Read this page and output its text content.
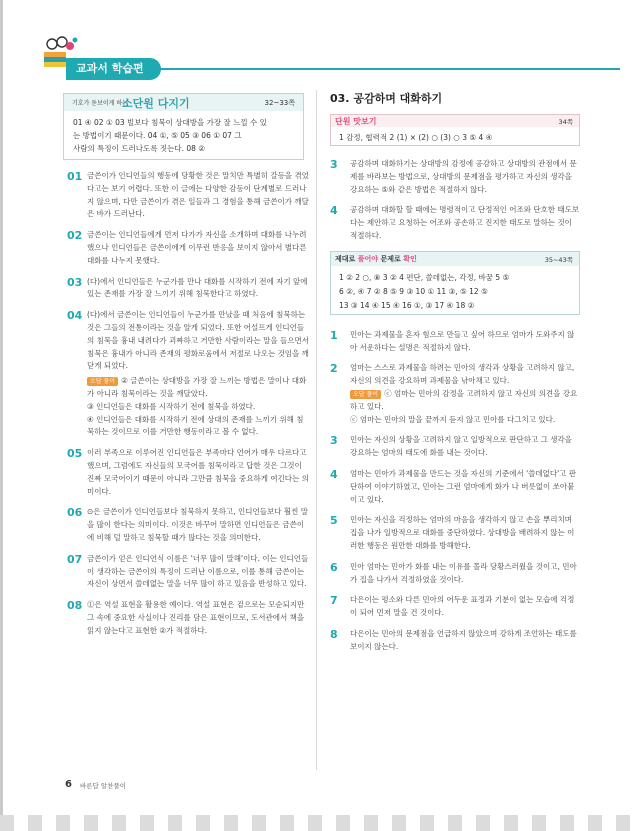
교과서 학습편
기호가 돋보이게 하는
소단원 다지기	32~33쪽
01 ④ 02 ① 03 빌보다 침묵이 상대방을 가장 잘 느낄 수 있
는 방법이기 때문이다. 04 ①, ⑤ 05 ③ 06 ① 07 그
사람의 특징이 드러나도록 짓는다. 08 ②
01 금쓴이가 인디언들의 행동에 당황한 것은 말치만 특별히 갈등을 겪었다고는 보기 어렵다. 또한 이 글에는 다양한 감동이 단계별로 드러나지 않으며, 다만 금쓴이가 겪은 일들과 그 경험을 통해 금쓴이가 깨달은 바가 드러난다.
02 금쓴이는 인디언들에게 먼저 다가가 자신을 소개하며 대화를 나누려 했으나 인디언들은 금쓴이에게 이무런 반응을 보이지 않아서 별다른 대화를 나누지 못했다.
03 (다)에서 인디언들은 누군가를 만나 대화를 시작하기 전에 자기 앞에 있는 존재를 가장 잘 느끼기 위해 침묵한다고 하였다.
04 (다)에서 금쓴이는 인디언들이 누군가를 만났을 때 처음에 침묵하는 것은 그들의 전통이라는 것을 알게 되었다. 또한 어설프게 인디언들의 침묵을 흉내 내려다가 괴짜하고 거만한 사람이라는 말을 들으면서 침묵은 흉내가 아니라 존재의 평화로움에서 저절로 나오는 것임을 깨닫게 되었다.
오답 풀이 ② 글쓴이는 상대방을 가장 잘 느끼는 방법은 말이나 대화가 아니라 침묵이라는 것을 깨달았다.
③ 인디언들은 대화를 시작하기 전에 침묵을 하였다.
④ 인디언들은 대화를 시작하기 전에 상대의 존재를 느끼기 위해 침묵하는 것이므로 이를 거만한 행동이라고 볼 수 없다.
05 이러 부족으로 이루어진 인디언들은 부족마다 언어가 매우 다르다고 했으며, 그럼에도 자신들의 모국어를 침묵이라고 답한 것은 그것이 진짜 모국어이기 때문이 아니라 그만큼 침묵을 중요하게 여긴다는 의미이다.
06 ⊙은 금쓴이가 인디언들보다 침묵하지 못하고, 인디언들보다 훨씬 말을 많이 한다는 의미이다. 이것은 바꾸어 말하면 인디언들은 금쓴이에 비해 덜 말하고 침묵할 때가 많다는 것을 의미한다.
07 금쓴이가 얻은 인디언식 이름은 '너무 많이 말해'이다. 이는 인디언들이 생각하는 금쓴이의 특징이 드러난 이름으로, 이를 통해 금쓴이는 자신이 상면서 쓸데없는 말을 너무 많이 하고 있음을 반성하고 있다.
08 ⓵은 역설 표현을 활용한 예이다. 역설 표현은 겉으로는 모순되지만 그 속에 중요한 사실이나 진리를 담은 표현이므로, 도서관에서 책을 읽지 않는다고 표현한 ②가 적절하다.
03. 공감하며 대화하기
단원 맛보기	34쪽
1 감정, 협력적 2 (1) × (2) ○ (3) ○ 3 ⑤ 4 ④
3 공감하며 대화하기는 상대방의 감정에 공감하고 상대방의 관점에서 문제를 바라보는 방법으로, 상대방의 문제점을 평가하고 자신의 생각을 강요하는 ⑤와 같은 방법은 적절하지 않다.
4 공감하며 대화할 할 때에는 명령적이고 단정적인 어조와 단호한 태도보다는 제안하고 요청하는 어조와 공손하고 진지한 태도로 말하는 것이 적절하다.
제대로 풀어야 문제로 확인	35~43쪽
1 ② 2 ○, ⑧ 3 ② 4 편단, 쓸데없는, 각정, 바꿈 5 ⑤
6 ②, ④ 7 ② 8 ⑤ 9 ③ 10 ① 11 ③, ⑤ 12 ⑤
13 ③ 14 ④ 15 ④ 16 ①, ③ 17 ④ 18 ②
1 민아는 과제물을 혼자 힘으로 만들고 싶어 하므로 엄마가 도와주지 않아 서운하다는 설명은 적절하지 않다.
2 엄마는 스스로 과제물을 하려는 민아의 생각과 상황을 고려하지 않고, 자신의 의견을 강요하며 과제물을 낚아채고 있다.
오답 풀이 ⓒ 엄마는 민아의 감정을 고려하지 않고 자신의 의견을 강요하고 있다.
ⓒ 엄마는 민아의 말을 끝까지 듣지 않고 민아를 다그치고 있다.
3 민아는 자신의 상황을 고려하지 않고 일방적으로 판단하고 그 생각을 강요하는 엄마의 태도에 화를 내는 것이다.
4 엄마는 민아가 과제물을 만드는 것을 자신의 기준에서 '쓸데없다'고 판단하여 이야기하였고, 민아는 그런 엄마에게 화가 나 버릇없이 쏘아붙이고 있다.
5 민아는 자신을 걱정하는 엄마의 마음을 생각하지 않고 손을 뿌리치며 집을 나가 일방적으로 대화를 중단하였다. 상대방을 배려하지 않는 이러한 행동은 원만한 대화를 방해한다.
6 민아 엄마는 민아가 화를 내는 이유를 몰라 당황스러웠을 것이고, 민아가 집을 나가서 걱정하였을 것이다.
7 다은이는 평소와 다른 민아의 어두운 표정과 기분이 없는 모습에 걱정이 되어 먼저 말을 건 것이다.
8 다은이는 민아의 문제점을 언급하지 않았으며 강하게 조언하는 태도를 보이지 않는다.
6 바른답 알찬풀이
